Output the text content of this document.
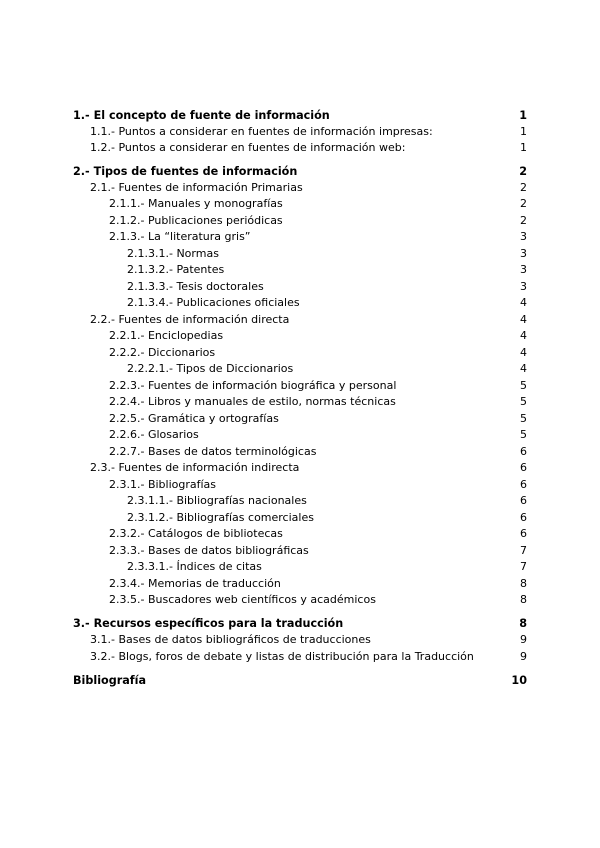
1.- El concepto de fuente de información	1
1.1.- Puntos a considerar en fuentes de información impresas:	1
1.2.- Puntos a considerar en fuentes de información web:	1
2.- Tipos de fuentes de información	2
2.1.- Fuentes de información Primarias	2
2.1.1.- Manuales y monografías	2
2.1.2.- Publicaciones periódicas	2
2.1.3.- La “literatura gris”	3
2.1.3.1.- Normas	3
2.1.3.2.- Patentes	3
2.1.3.3.- Tesis doctorales	3
2.1.3.4.- Publicaciones oficiales	4
2.2.- Fuentes de información directa	4
2.2.1.- Enciclopedias	4
2.2.2.- Diccionarios	4
2.2.2.1.- Tipos de Diccionarios	4
2.2.3.- Fuentes de información biográfica y personal	5
2.2.4.- Libros y manuales de estilo, normas técnicas	5
2.2.5.- Gramática y ortografías	5
2.2.6.- Glosarios	5
2.2.7.- Bases de datos terminológicas	6
2.3.- Fuentes de información indirecta	6
2.3.1.- Bibliografías	6
2.3.1.1.- Bibliografías nacionales	6
2.3.1.2.- Bibliografías comerciales	6
2.3.2.- Catálogos de bibliotecas	6
2.3.3.- Bases de datos bibliográficas	7
2.3.3.1.- Índices de citas	7
2.3.4.- Memorias de traducción	8
2.3.5.- Buscadores web científicos y académicos	8
3.- Recursos específicos para la traducción	8
3.1.- Bases de datos bibliográficos de traducciones	9
3.2.- Blogs, foros de debate y listas de distribución para la Traducción	9
Bibliografía	10
